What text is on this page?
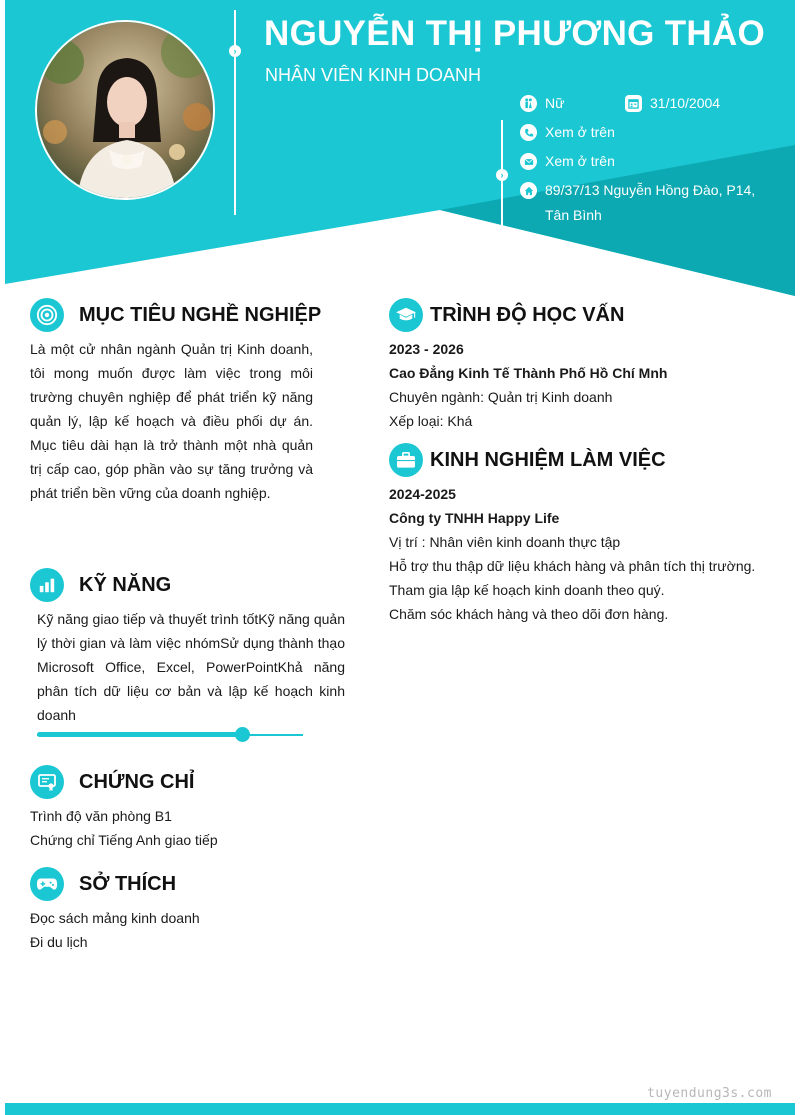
›
›
NGUYỄN THỊ PHƯƠNG THẢO
NHÂN VIÊN KINH DOANH
Nữ	31/10/2004
Xem ở trên
Xem ở trên
89/37/13 Nguyễn Hồng Đào, P14,
Tân Bình
MỤC TIÊU NGHỀ NGHIỆP
Là một cử nhân ngành Quản trị Kinh doanh, tôi mong muốn được làm việc trong môi trường chuyên nghiệp để phát triển kỹ năng quản lý, lập kế hoạch và điều phối dự án. Mục tiêu dài hạn là trở thành một nhà quản trị cấp cao, góp phần vào sự tăng trưởng và phát triển bền vững của doanh nghiệp.
KỸ NĂNG
Kỹ năng giao tiếp và thuyết trình tốtKỹ năng quản lý thời gian và làm việc nhómSử dụng thành thạo Microsoft Office, Excel, PowerPointKhả năng phân tích dữ liệu cơ bản và lập kế hoạch kinh doanh
CHỨNG CHỈ
Trình độ văn phòng B1
Chứng chỉ Tiếng Anh giao tiếp
SỞ THÍCH
Đọc sách mảng kinh doanh
Đi du lịch
TRÌNH ĐỘ HỌC VẤN
2023 - 2026
Cao Đẳng Kinh Tế Thành Phố Hồ Chí Mnh
Chuyên ngành: Quản trị Kinh doanh
Xếp loại: Khá
KINH NGHIỆM LÀM VIỆC
2024-2025
Công ty TNHH Happy Life
Vị trí : Nhân viên kinh doanh thực tập
Hỗ trợ thu thập dữ liệu khách hàng và phân tích thị trường.
Tham gia lập kế hoạch kinh doanh theo quý.
Chăm sóc khách hàng và theo dõi đơn hàng.
tuyendung3s.com
